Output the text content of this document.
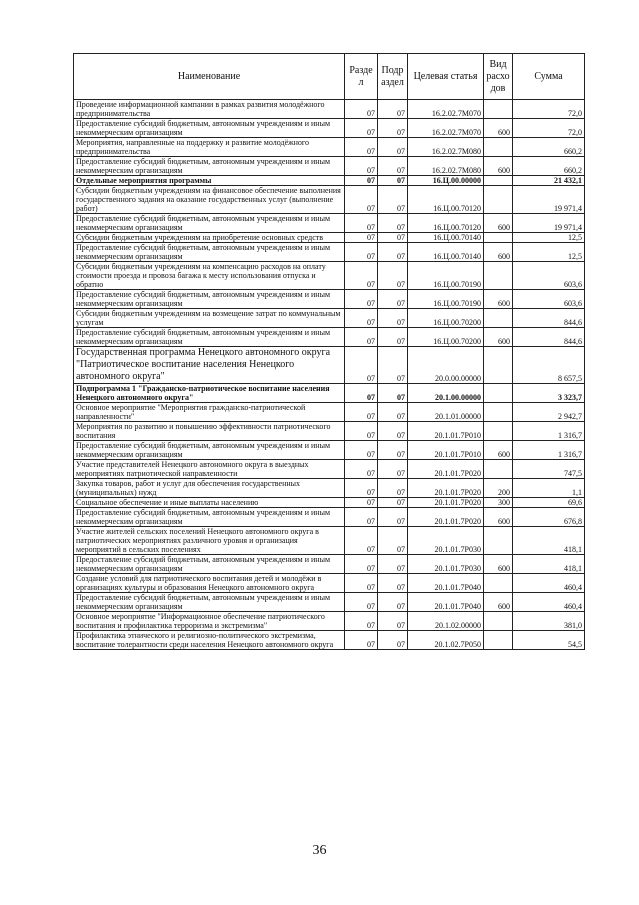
Наименование	Разде л	Подр аздел	Целевая статья	Вид расхо дов	Сумма
Проведение информационной кампании в рамках развития молодёжного предпринимательства	07	07	16.2.02.7М070		72,0
Предоставление субсидий бюджетным, автономным учреждениям и иным некоммерческим организациям	07	07	16.2.02.7М070	600	72,0
Мероприятия, направленные на поддержку и развитие молодёжного предпринимательства	07	07	16.2.02.7М080		660,2
Предоставление субсидий бюджетным, автономным учреждениям и иным некоммерческим организациям	07	07	16.2.02.7М080	600	660,2
Отдельные мероприятия программы	07	07	16.Ц.00.00000		21 432,1
Субсидии бюджетным учреждениям на финансовое обеспечение выполнения государственного задания на оказание государственных услуг (выполнение работ)	07	07	16.Ц.00.70120		19 971,4
Предоставление субсидий бюджетным, автономным учреждениям и иным некоммерческим организациям	07	07	16.Ц.00.70120	600	19 971,4
Субсидии бюджетным учреждениям на приобретение основных средств	07	07	16.Ц.00.70140		12,5
Предоставление субсидий бюджетным, автономным учреждениям и иным некоммерческим организациям	07	07	16.Ц.00.70140	600	12,5
Субсидии бюджетным учреждениям на компенсацию расходов на оплату стоимости проезда и провоза багажа к месту использования отпуска и обратно	07	07	16.Ц.00.70190		603,6
Предоставление субсидий бюджетным, автономным учреждениям и иным некоммерческим организациям	07	07	16.Ц.00.70190	600	603,6
Субсидии бюджетным учреждениям на возмещение затрат по коммунальным услугам	07	07	16.Ц.00.70200		844,6
Предоставление субсидий бюджетным, автономным учреждениям и иным некоммерческим организациям	07	07	16.Ц.00.70200	600	844,6
Государственная программа Ненецкого автономного округа "Патриотическое воспитание населения Ненецкого автономного округа"	07	07	20.0.00.00000		8 657,5
Подпрограмма 1 "Гражданско-патриотическое воспитание населения Ненецкого автономного округа"	07	07	20.1.00.00000		3 323,7
Основное мероприятие "Мероприятия гражданско-патриотической направленности"	07	07	20.1.01.00000		2 942,7
Мероприятия по развитию и повышению эффективности патриотического воспитания	07	07	20.1.01.7Р010		1 316,7
Предоставление субсидий бюджетным, автономным учреждениям и иным некоммерческим организациям	07	07	20.1.01.7Р010	600	1 316,7
Участие представителей Ненецкого автономного округа в выездных мероприятиях патриотической направленности	07	07	20.1.01.7Р020		747,5
Закупка товаров, работ и услуг для обеспечения государственных (муниципальных) нужд	07	07	20.1.01.7Р020	200	1,1
Социальное обеспечение и иные выплаты населению	07	07	20.1.01.7Р020	300	69,6
Предоставление субсидий бюджетным, автономным учреждениям и иным некоммерческим организациям	07	07	20.1.01.7Р020	600	676,8
Участие жителей сельских поселений Ненецкого автономного округа в патриотических мероприятиях различного уровня и организация мероприятий в сельских поселениях	07	07	20.1.01.7Р030		418,1
Предоставление субсидий бюджетным, автономным учреждениям и иным некоммерческим организациям	07	07	20.1.01.7Р030	600	418,1
Создание условий для патриотического воспитания детей и молодёжи в организациях культуры и образования Ненецкого автономного округа	07	07	20.1.01.7Р040		460,4
Предоставление субсидий бюджетным, автономным учреждениям и иным некоммерческим организациям	07	07	20.1.01.7Р040	600	460,4
Основное мероприятие "Информационное обеспечение патриотического воспитания и профилактика терроризма и экстремизма"	07	07	20.1.02.00000		381,0
Профилактика этнического и религиозно-политического экстремизма, воспитание толерантности среди населения Ненецкого автономного округа	07	07	20.1.02.7Р050		54,5
36
